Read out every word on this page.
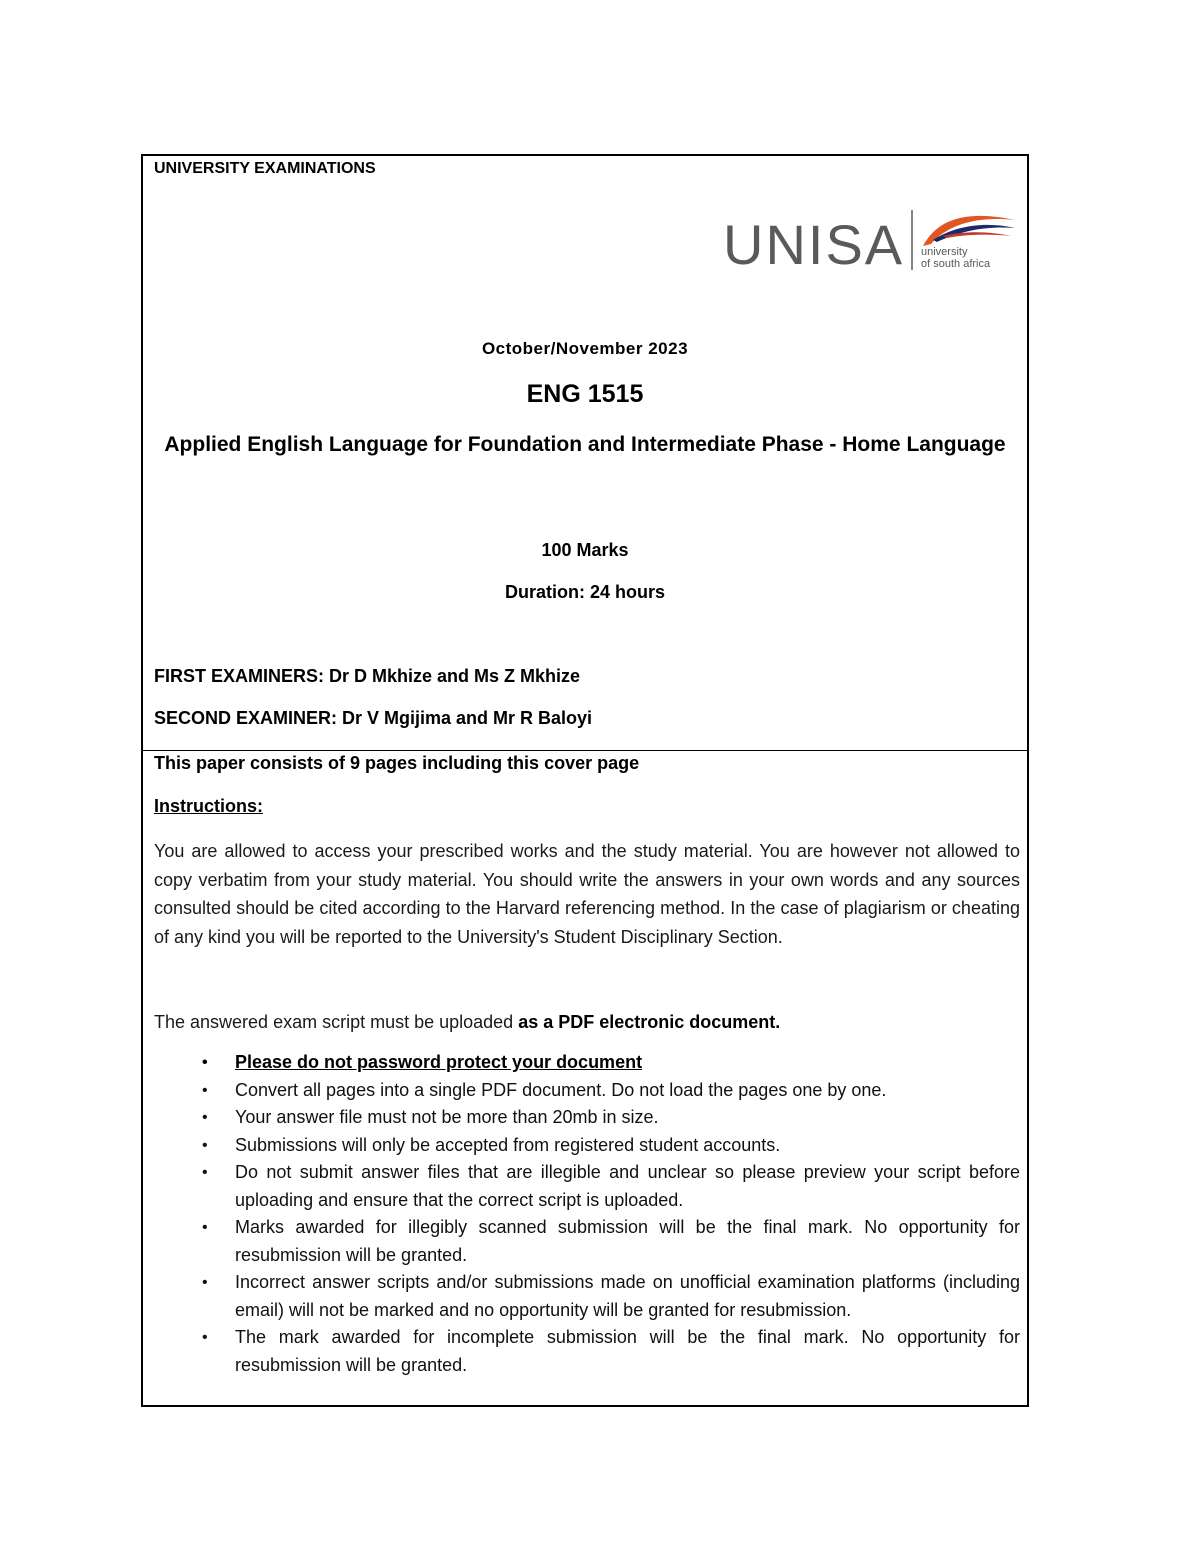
UNIVERSITY EXAMINATIONS
UNISA university
of south africa
October/November 2023
ENG 1515
Applied English Language for Foundation and Intermediate Phase - Home Language
100 Marks
Duration: 24 hours
FIRST EXAMINERS: Dr D Mkhize and Ms Z Mkhize
SECOND EXAMINER: Dr V Mgijima and Mr R Baloyi
This paper consists of 9 pages including this cover page
Instructions:
You are allowed to access your prescribed works and the study material. You are however not allowed to copy verbatim from your study material. You should write the answers in your own words and any sources consulted should be cited according to the Harvard referencing method. In the case of plagiarism or cheating of any kind you will be reported to the University's Student Disciplinary Section.
The answered exam script must be uploaded as a PDF electronic document.
• Please do not password protect your document
• Convert all pages into a single PDF document. Do not load the pages one by one.
• Your answer file must not be more than 20mb in size.
• Submissions will only be accepted from registered student accounts.
• Do not submit answer files that are illegible and unclear so please preview your script before uploading and ensure that the correct script is uploaded.
• Marks awarded for illegibly scanned submission will be the final mark. No opportunity for resubmission will be granted.
• Incorrect answer scripts and/or submissions made on unofficial examination platforms (including email) will not be marked and no opportunity will be granted for resubmission.
• The mark awarded for incomplete submission will be the final mark. No opportunity for resubmission will be granted.
